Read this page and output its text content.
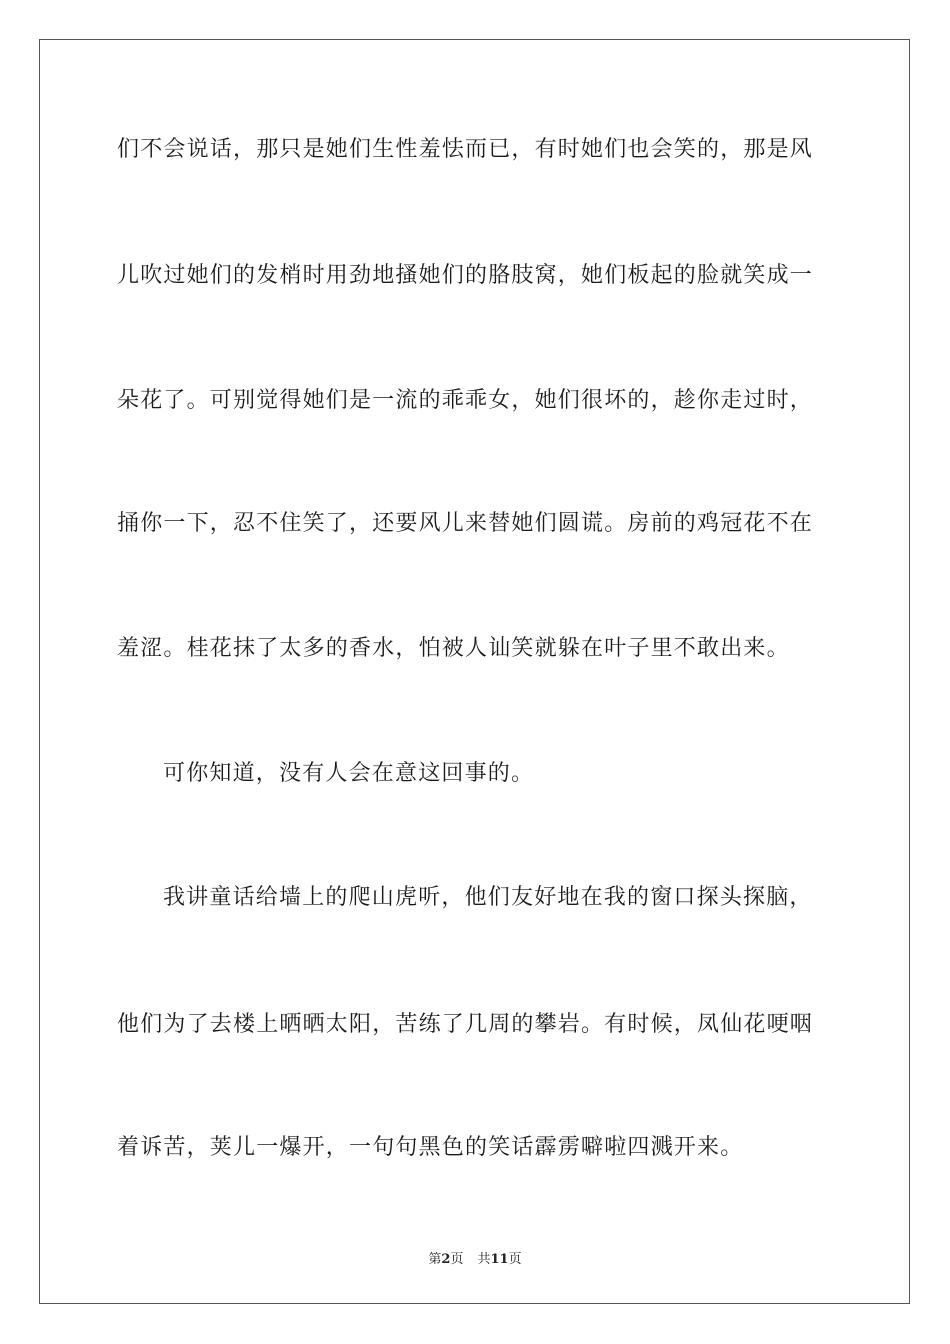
们不会说话，那只是她们生性羞怯而已，有时她们也会笑的，那是风
儿吹过她们的发梢时用劲地搔她们的胳肢窝，她们板起的脸就笑成一
朵花了。可别觉得她们是一流的乖乖女，她们很坏的，趁你走过时，
捅你一下，忍不住笑了，还要风儿来替她们圆谎。房前的鸡冠花不在
羞涩。桂花抹了太多的香水，怕被人讪笑就躲在叶子里不敢出来。
可你知道，没有人会在意这回事的。
我讲童话给墙上的爬山虎听，他们友好地在我的窗口探头探脑，
他们为了去楼上晒晒太阳，苦练了几周的攀岩。有时候，凤仙花哽咽
着诉苦，荚儿一爆开，一句句黑色的笑话霹雳噼啦四溅开来。
第2页 共11页
